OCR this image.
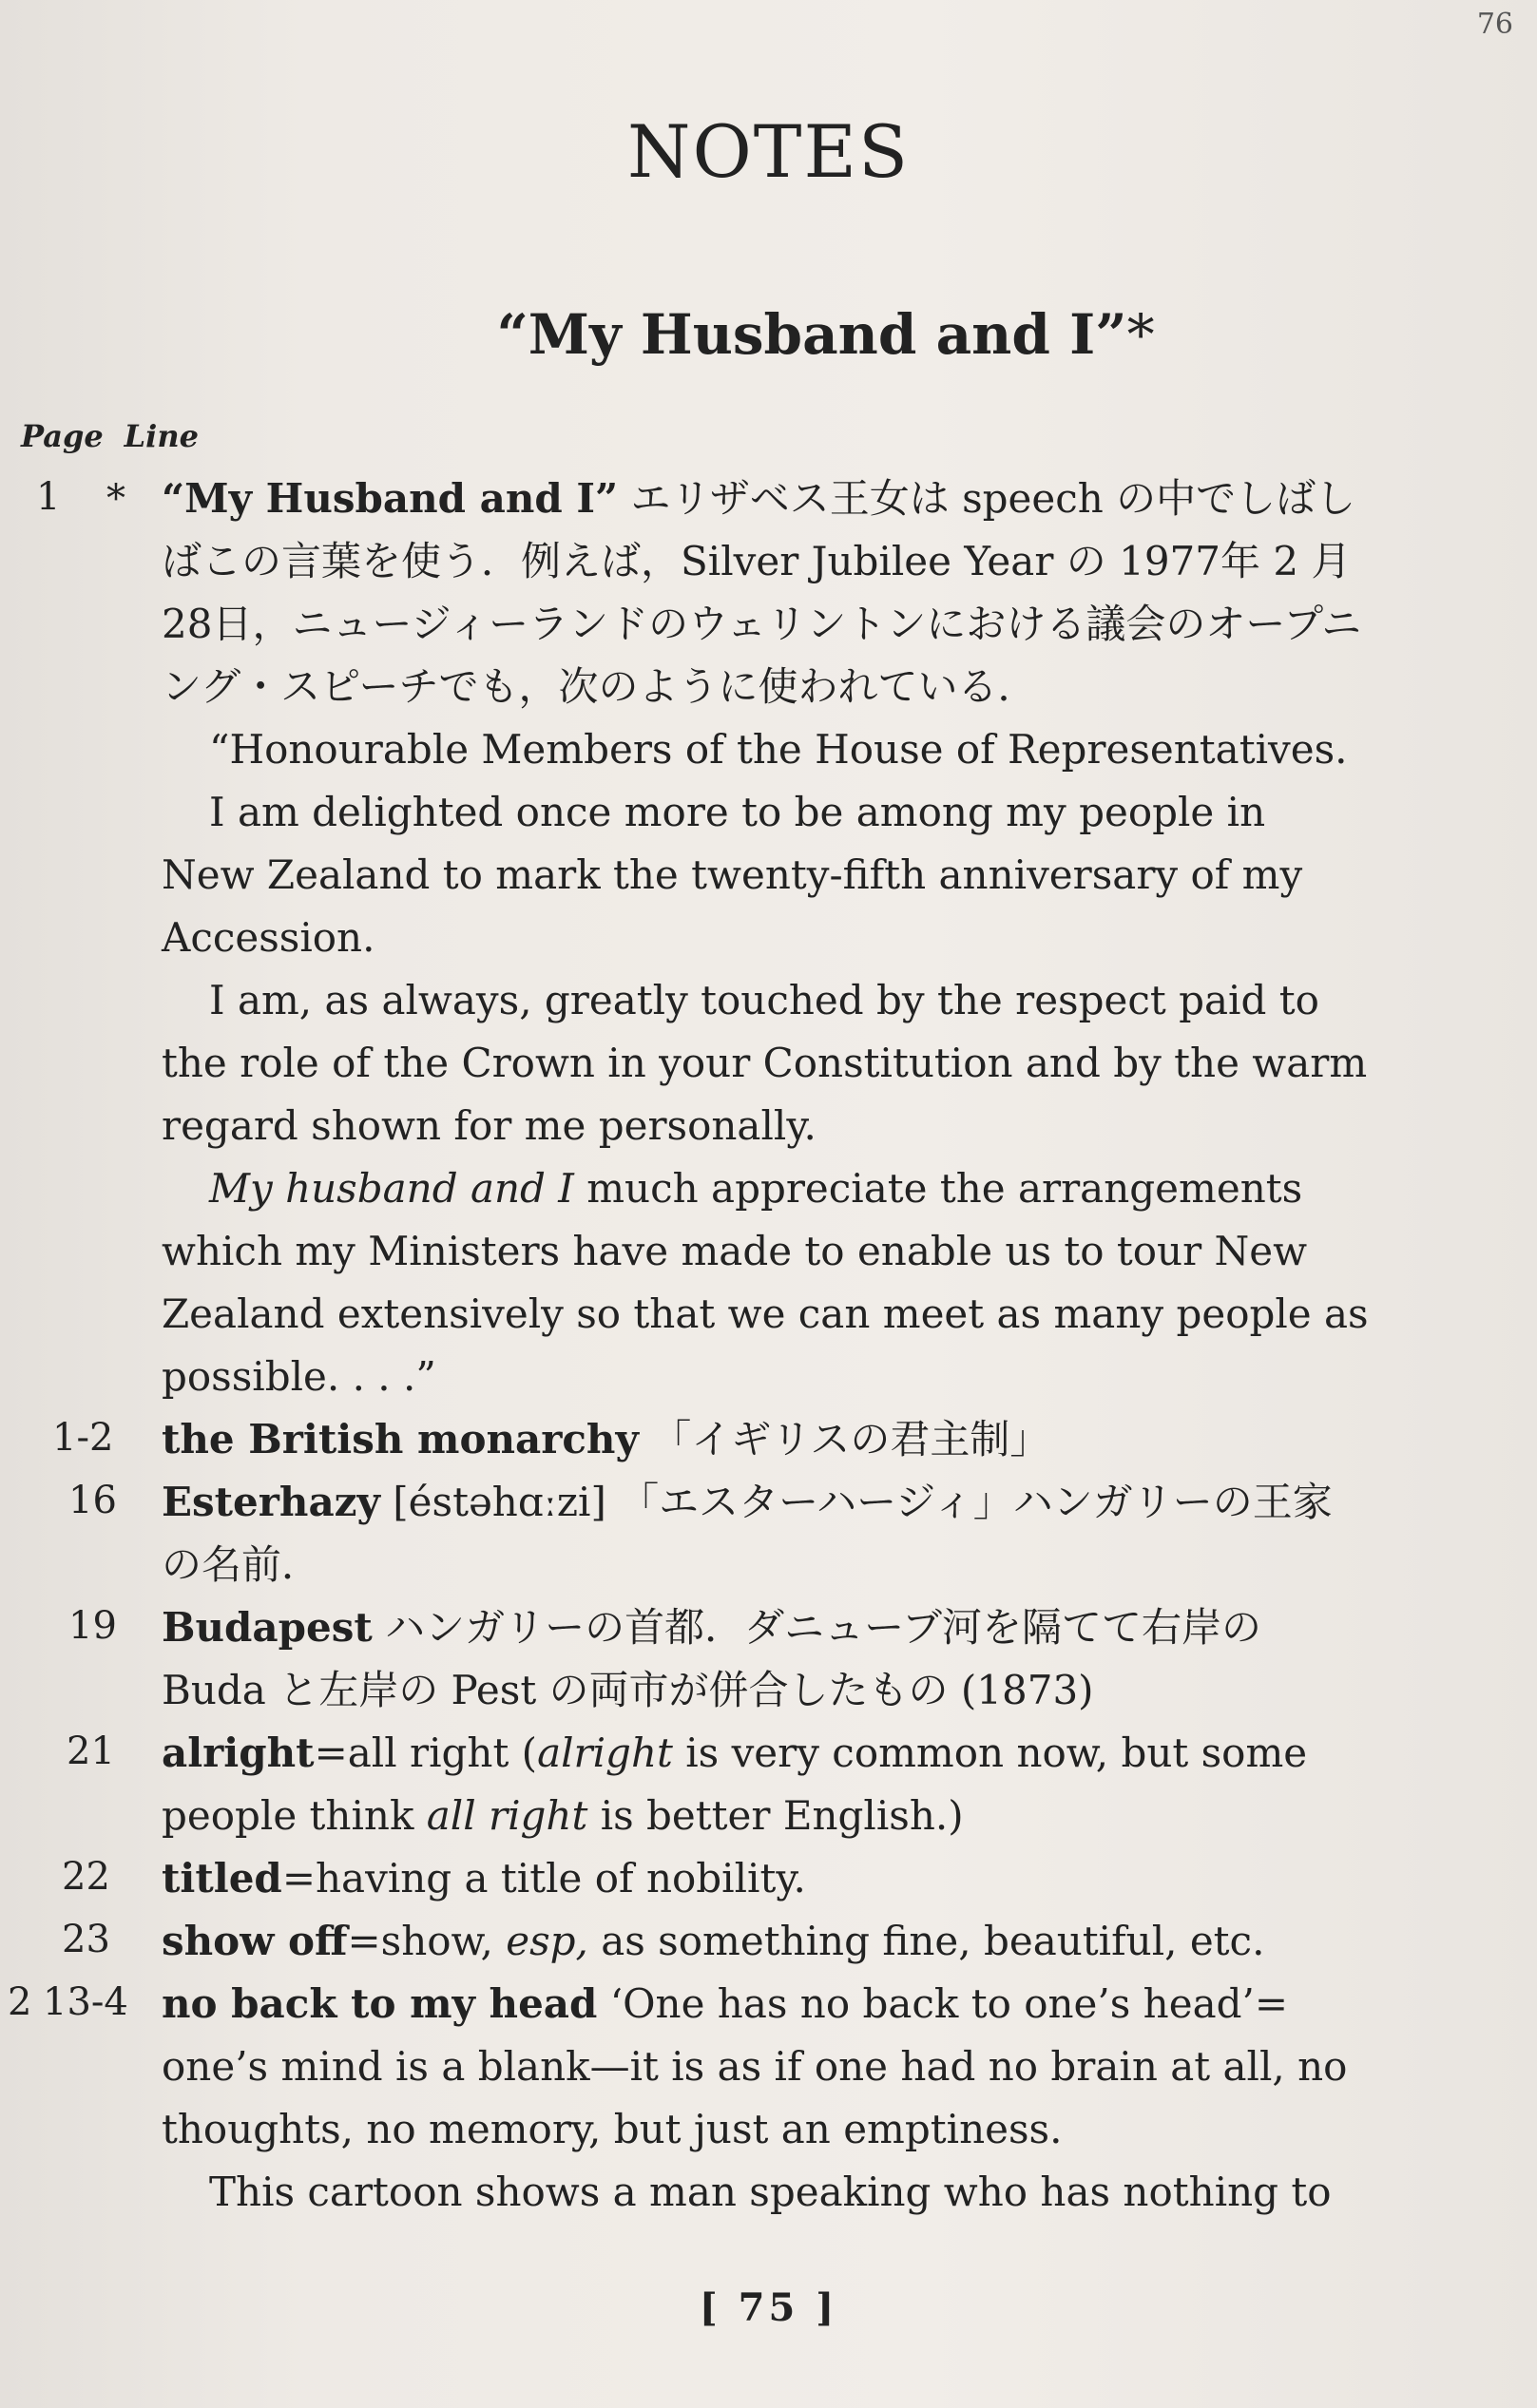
76
NOTES
“My Husband and I”*
Page Line
1 * “My Husband and I” エリザベス王女は speech の中でしばしばこの言葉を使う．例えば，Silver Jubilee Year の 1977年 2 月28日，ニュージィーランドのウェリントンにおける議会のオープニング・スピーチでも，次のように使われている．

“Honourable Members of the House of Representatives.

I am delighted once more to be among my people in New Zealand to mark the twenty-fifth anniversary of my Accession.

I am, as always, greatly touched by the respect paid to the role of the Crown in your Constitution and by the warm regard shown for me personally.

My husband and I much appreciate the arrangements which my Ministers have made to enable us to tour New Zealand extensively so that we can meet as many people as possible. . . .”

1-2 the British monarchy 「イギリスの君主制」

16 Esterhazy [éstəhɑːzi] 「エスターハージィ」ハンガリーの王家の名前．

19 Budapest ハンガリーの首都．ダニューブ河を隔てて右岸の Buda と左岸の Pest の両市が併合したもの (1873)

21 alright=all right (alright is very common now, but some people think all right is better English.)

22 titled=having a title of nobility.

23 show off=show, esp, as something fine, beautiful, etc.

2 13-4 no back to my head ‘One has no back to one’s head’= one’s mind is a blank—it is as if one had no brain at all, no thoughts, no memory, but just an emptiness.

This cartoon shows a man speaking who has nothing to

[ 75 ]
